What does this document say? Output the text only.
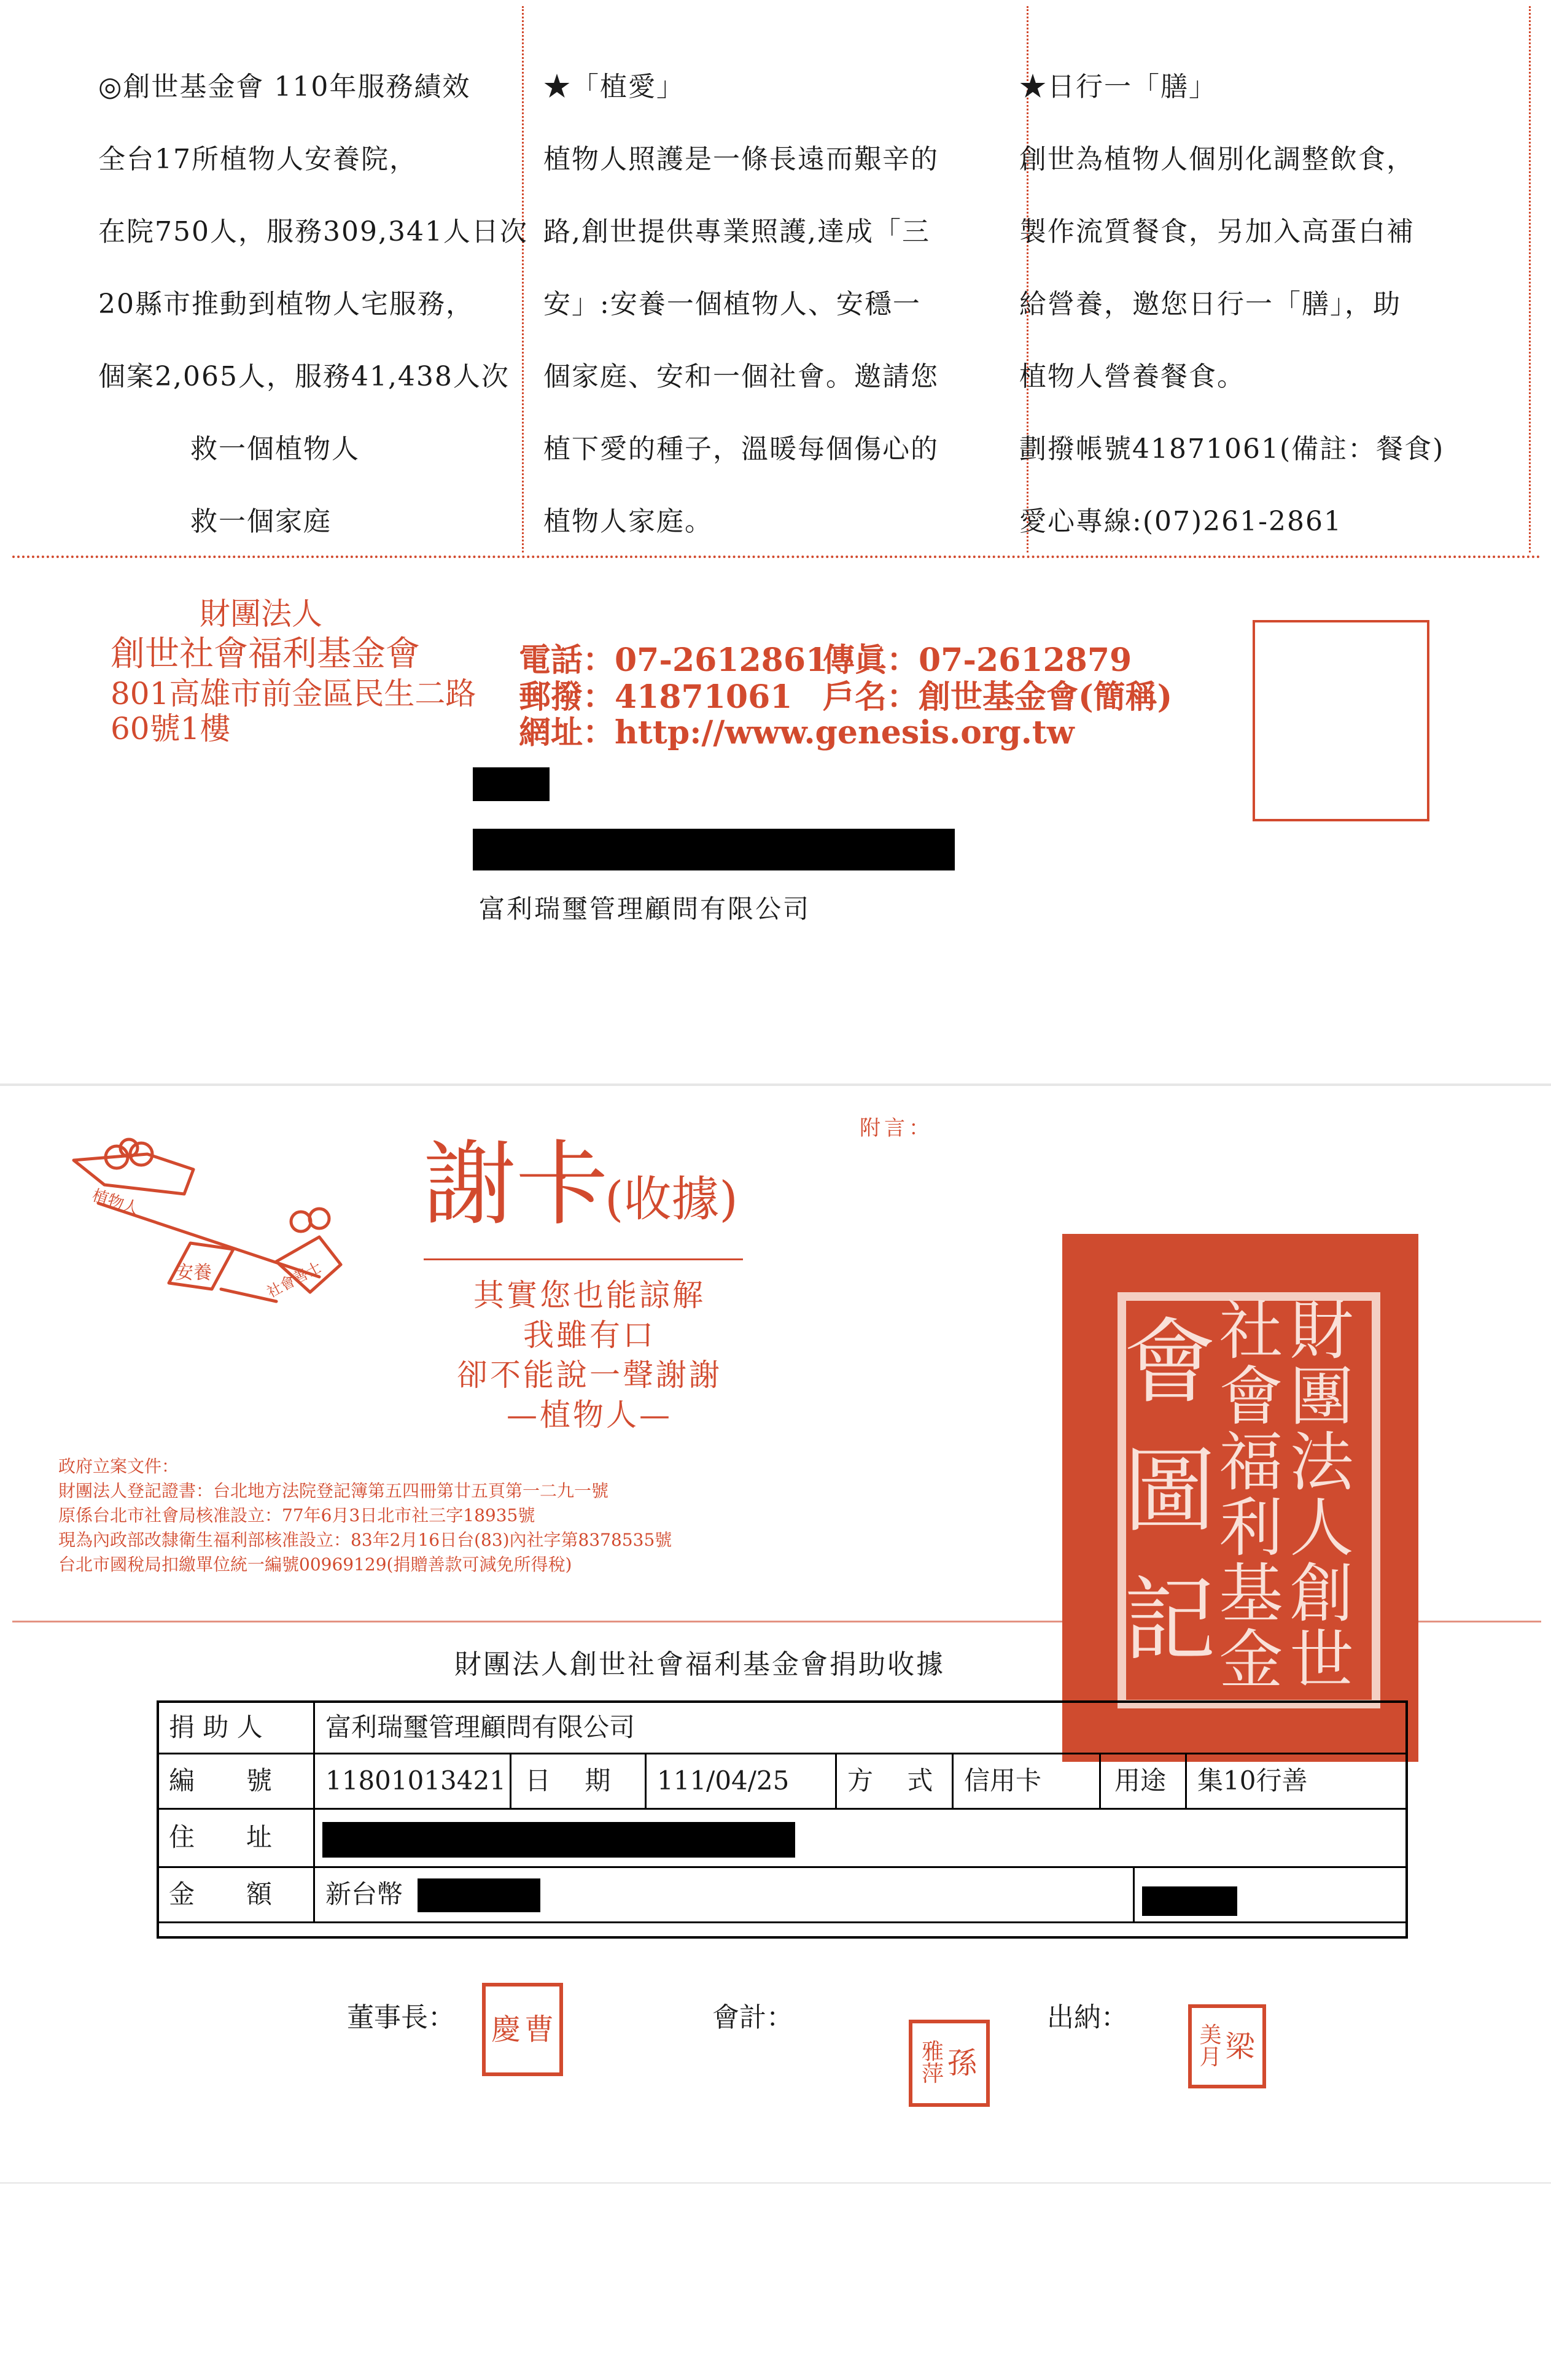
◎創世基金會 110年服務績效
全台17所植物人安養院，
在院750人，服務309,341人日次
20縣市推動到植物人宅服務，
個案2,065人，服務41,438人次
救一個植物人
救一個家庭
★「植愛」
植物人照護是一條長遠而艱辛的
路,創世提供專業照護,達成「三
安」:安養一個植物人、安穩一
個家庭、安和一個社會。邀請您
植下愛的種子，溫暖每個傷心的
植物人家庭。
★日行一「膳」
創世為植物人個別化調整飲食，
製作流質餐食，另加入高蛋白補
給營養，邀您日行一「膳」，助
植物人營養餐食。
劃撥帳號41871061(備註：餐食)
愛心專線:(07)261-2861
財團法人
創世社會福利基金會
801高雄市前金區民生二路
60號1樓
電話：07-2612861
傳眞：07-2612879
郵撥：41871061 戶名：創世基金會(簡稱)
網址：http://www.genesis.org.tw
富利瑞璽管理顧問有限公司
植物人
社會善士
安養
謝卡
(收據)
附言：
其實您也能諒解
我雖有口
卻不能說一聲謝謝
—植物人—
政府立案文件：
財團法人登記證書：台北地方法院登記簿第五四冊第廿五頁第一二九一號
原係台北市社會局核准設立：77年6月3日北市社三字18935號
現為內政部改隸衛生福利部核准設立：83年2月16日台(83)內社字第8378535號
台北市國稅局扣繳單位統一編號00969129(捐贈善款可減免所得稅)
財
團
法
人
創
世
社
會
福
利
基
金
會
圖
記
財團法人創世社會福利基金會捐助收據
捐 助 人 富利瑞璽管理顧問有限公司
編　　號 11801013421 日　 期 111/04/25 方　 式 信用卡	用途 集10行善
住　　址
金　　額 新台幣
董事長：	會計：	出納：
曹
慶
孫
雅
萍
梁
美
月
